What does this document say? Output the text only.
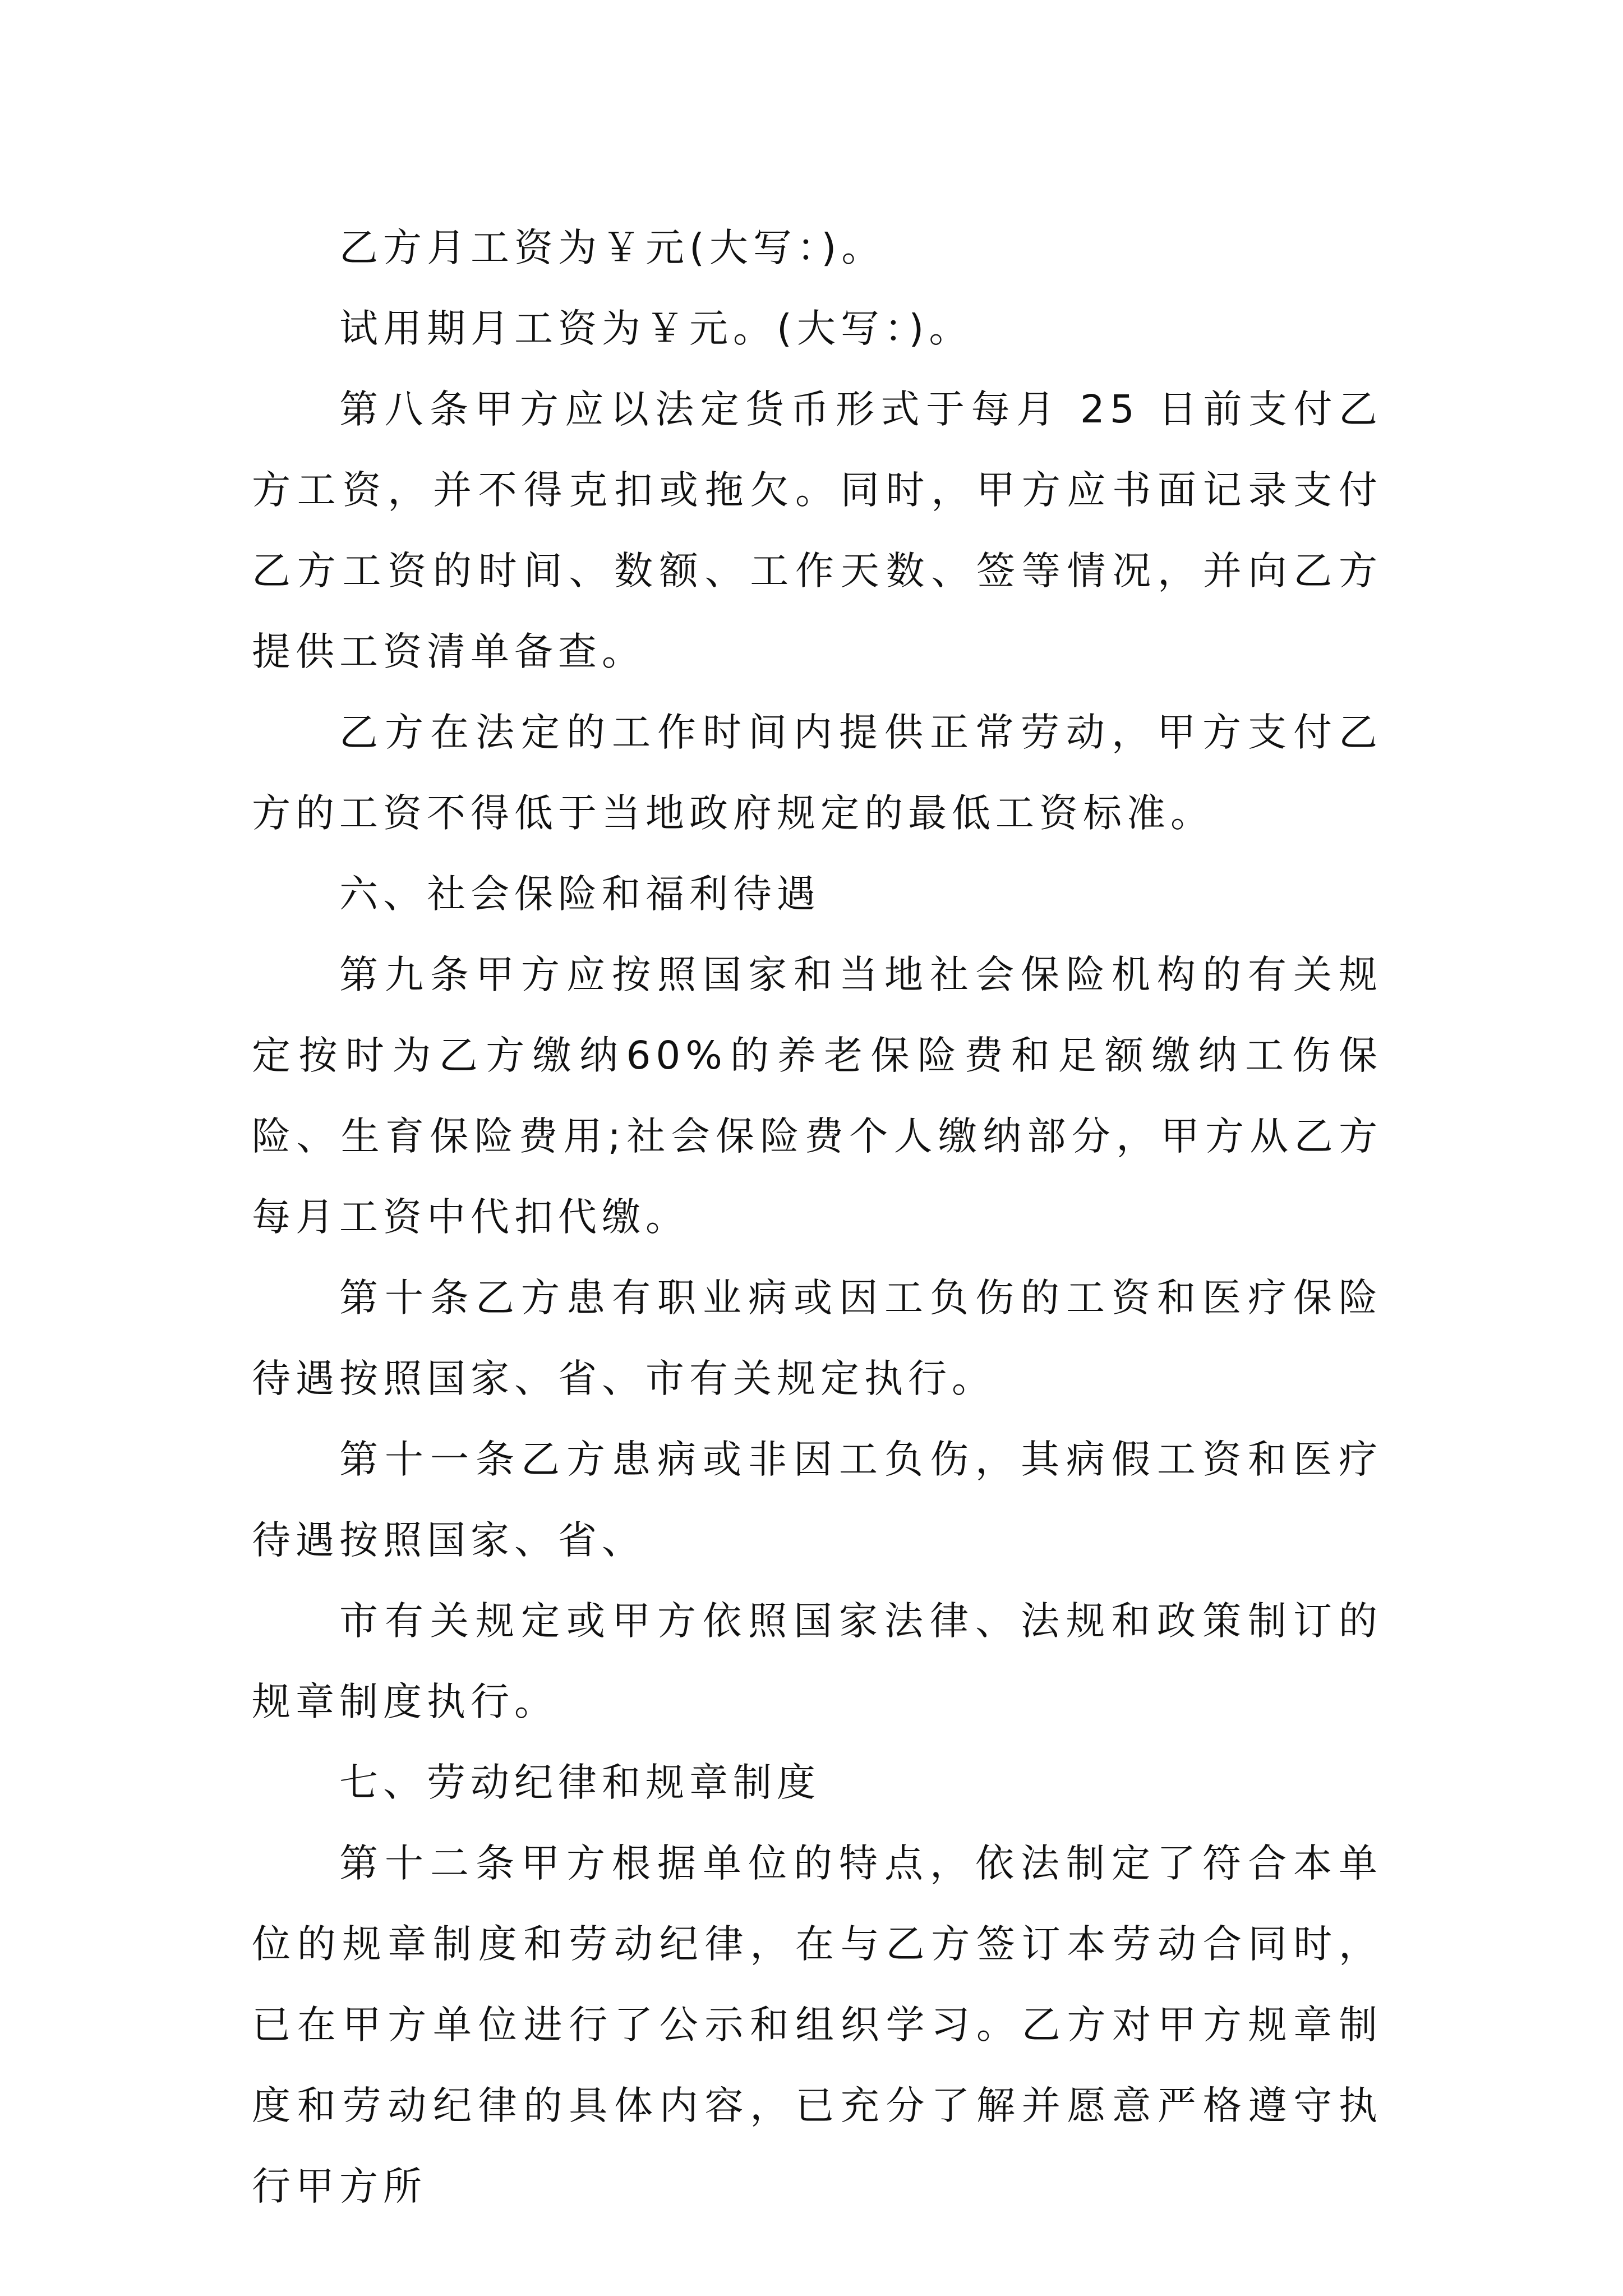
乙方月工资为￥元(大写：)。

试用期月工资为￥元。(大写：)。

第八条甲方应以法定货币形式于每月 25 日前支付乙方工资，并不得克扣或拖欠。同时，甲方应书面记录支付乙方工资的时间、数额、工作天数、签等情况，并向乙方提供工资清单备查。

乙方在法定的工作时间内提供正常劳动，甲方支付乙方的工资不得低于当地政府规定的最低工资标准。

六、社会保险和福利待遇

第九条甲方应按照国家和当地社会保险机构的有关规定按时为乙方缴纳60%的养老保险费和足额缴纳工伤保险、生育保险费用;社会保险费个人缴纳部分，甲方从乙方每月工资中代扣代缴。

第十条乙方患有职业病或因工负伤的工资和医疗保险待遇按照国家、省、市有关规定执行。

第十一条乙方患病或非因工负伤，其病假工资和医疗待遇按照国家、省、

市有关规定或甲方依照国家法律、法规和政策制订的规章制度执行。

七、劳动纪律和规章制度

第十二条甲方根据单位的特点，依法制定了符合本单位的规章制度和劳动纪律，在与乙方签订本劳动合同时，已在甲方单位进行了公示和组织学习。乙方对甲方规章制度和劳动纪律的具体内容，已充分了解并愿意严格遵守执行甲方所
